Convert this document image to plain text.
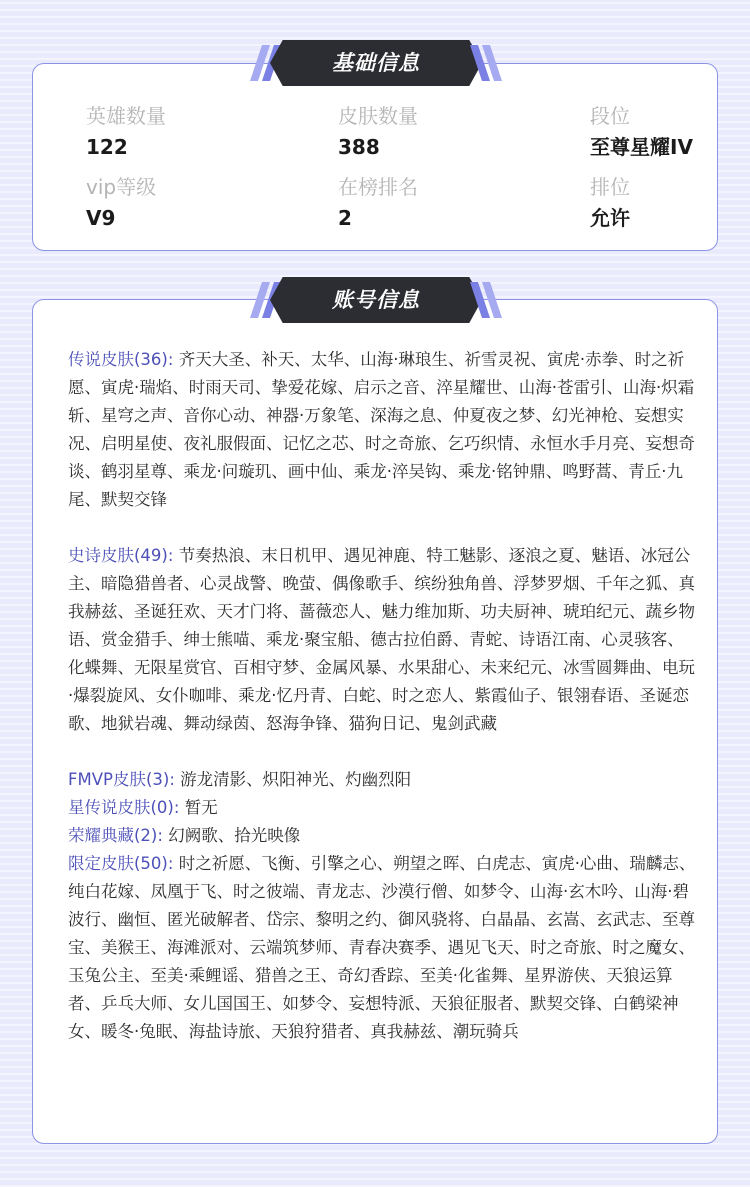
英雄数量
122
皮肤数量
388
段位
至尊星耀IV
vip等级
V9
在榜排名
2
排位
允许
基础信息
账号信息

传说皮肤(36): 齐天大圣、补天、太华、山海·琳琅生、祈雪灵祝、寅虎·赤拳、时之祈愿、寅虎·瑞焰、时雨天司、挚爱花嫁、启示之音、淬星耀世、山海·苍雷引、山海·炽霜斩、星穹之声、音你心动、神器·万象笔、深海之息、仲夏夜之梦、幻光神枪、妄想实况、启明星使、夜礼服假面、记忆之芯、时之奇旅、乞巧织情、永恒水手月亮、妄想奇谈、鹤羽星尊、乘龙·问璇玑、画中仙、乘龙·淬吴钩、乘龙·铭钟鼎、鸣野蒿、青丘·九尾、默契交锋

史诗皮肤(49): 节奏热浪、末日机甲、遇见神鹿、特工魅影、逐浪之夏、魅语、冰冠公主、暗隐猎兽者、心灵战警、晚萤、偶像歌手、缤纷独角兽、浮梦罗烟、千年之狐、真我赫兹、圣诞狂欢、天才门将、蔷薇恋人、魅力维加斯、功夫厨神、琥珀纪元、蔬乡物语、赏金猎手、绅士熊喵、乘龙·聚宝船、德古拉伯爵、青蛇、诗语江南、心灵骇客、化蝶舞、无限星赏官、百相守梦、金属风暴、水果甜心、未来纪元、冰雪圆舞曲、电玩·爆裂旋风、女仆咖啡、乘龙·忆丹青、白蛇、时之恋人、紫霞仙子、银翎春语、圣诞恋歌、地狱岩魂、舞动绿茵、怒海争锋、猫狗日记、鬼剑武藏

FMVP皮肤(3): 游龙清影、炽阳神光、灼幽烈阳

星传说皮肤(0): 暂无

荣耀典藏(2): 幻阙歌、拾光映像

限定皮肤(50): 时之祈愿、飞衡、引擎之心、朔望之晖、白虎志、寅虎·心曲、瑞麟志、纯白花嫁、凤凰于飞、时之彼端、青龙志、沙漠行僧、如梦令、山海·玄木吟、山海·碧波行、幽恒、匿光破解者、岱宗、黎明之约、御风骁将、白晶晶、玄嵩、玄武志、至尊宝、美猴王、海滩派对、云端筑梦师、青春决赛季、遇见飞天、时之奇旅、时之魔女、玉兔公主、至美·乘鲤谣、猎兽之王、奇幻香踪、至美·化雀舞、星界游侠、天狼运算者、乒乓大师、女儿国国王、如梦令、妄想特派、天狼征服者、默契交锋、白鹤梁神女、暖冬·兔眠、海盐诗旅、天狼狩猎者、真我赫兹、潮玩骑兵
